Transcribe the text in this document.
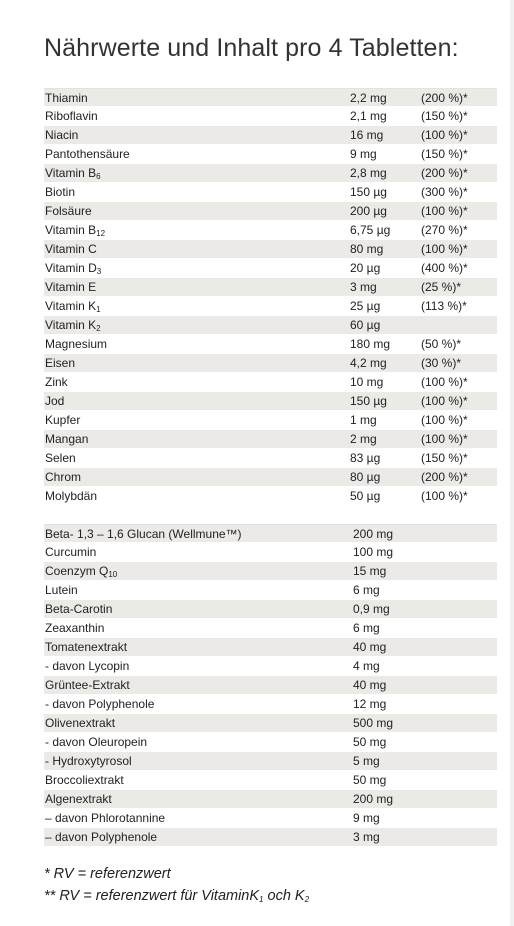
Nährwerte und Inhalt pro 4 Tabletten:
Thiamin	2,2 mg	(200 %)*
Riboflavin	2,1 mg	(150 %)*
Niacin	16 mg	(100 %)*
Pantothensäure	9 mg	(150 %)*
Vitamin $B_6$	2,8 mg	(200 %)*
Biotin	150 µg	(300 %)*
Folsäure	200 µg	(100 %)*
Vitamin $B_{12}$	6,75 µg	(270 %)*
Vitamin C	80 mg	(100 %)*
Vitamin $D_3$	20 µg	(400 %)*
Vitamin E	3 mg	(25 %)*
Vitamin $K_1$	25 µg	(113 %)*
Vitamin $K_2$	60 µg
Magnesium	180 mg	(50 %)*
Eisen	4,2 mg	(30 %)*
Zink	10 mg	(100 %)*
Jod	150 µg	(100 %)*
Kupfer	1 mg	(100 %)*
Mangan	2 mg	(100 %)*
Selen	83 µg	(150 %)*
Chrom	80 µg	(200 %)*
Molybdän	50 µg	(100 %)*
Beta- 1,3 – 1,6 Glucan (Wellmune™)	200 mg
Curcumin	100 mg
Coenzym $Q_{10}$	15 mg
Lutein	6 mg
Beta-Carotin	0,9 mg
Zeaxanthin	6 mg
Tomatenextrakt	40 mg
- davon Lycopin	4 mg
Grüntee-Extrakt	40 mg
- davon Polyphenole	12 mg
Olivenextrakt	500 mg
- davon Oleuropein	50 mg
- Hydroxytyrosol	5 mg
Broccoliextrakt	50 mg
Algenextrakt	200 mg
– davon Phlorotannine	9 mg
– davon Polyphenole	3 mg
* RV = referenzwert
** RV = referenzwert für VitaminK$_1$ och $K_2$
